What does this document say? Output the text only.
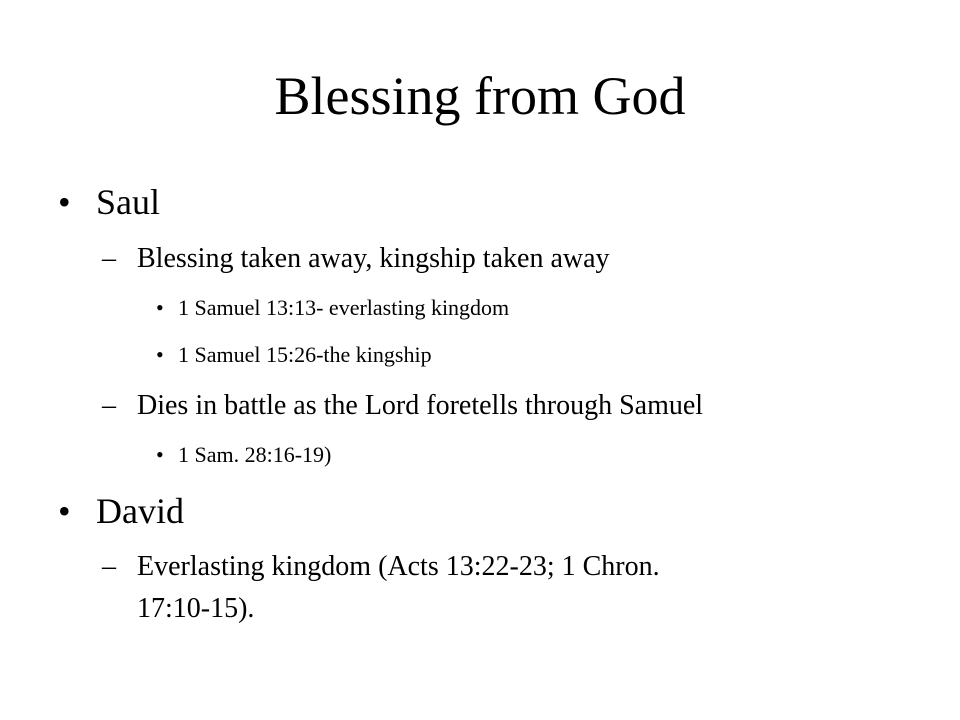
Blessing from God
• Saul
– Blessing taken away, kingship taken away
• 1 Samuel 13:13- everlasting kingdom
• 1 Samuel 15:26-the kingship
– Dies in battle as the Lord foretells through Samuel
• 1 Sam. 28:16-19)
• David
– Everlasting kingdom (Acts 13:22-23; 1 Chron.
17:10-15).
